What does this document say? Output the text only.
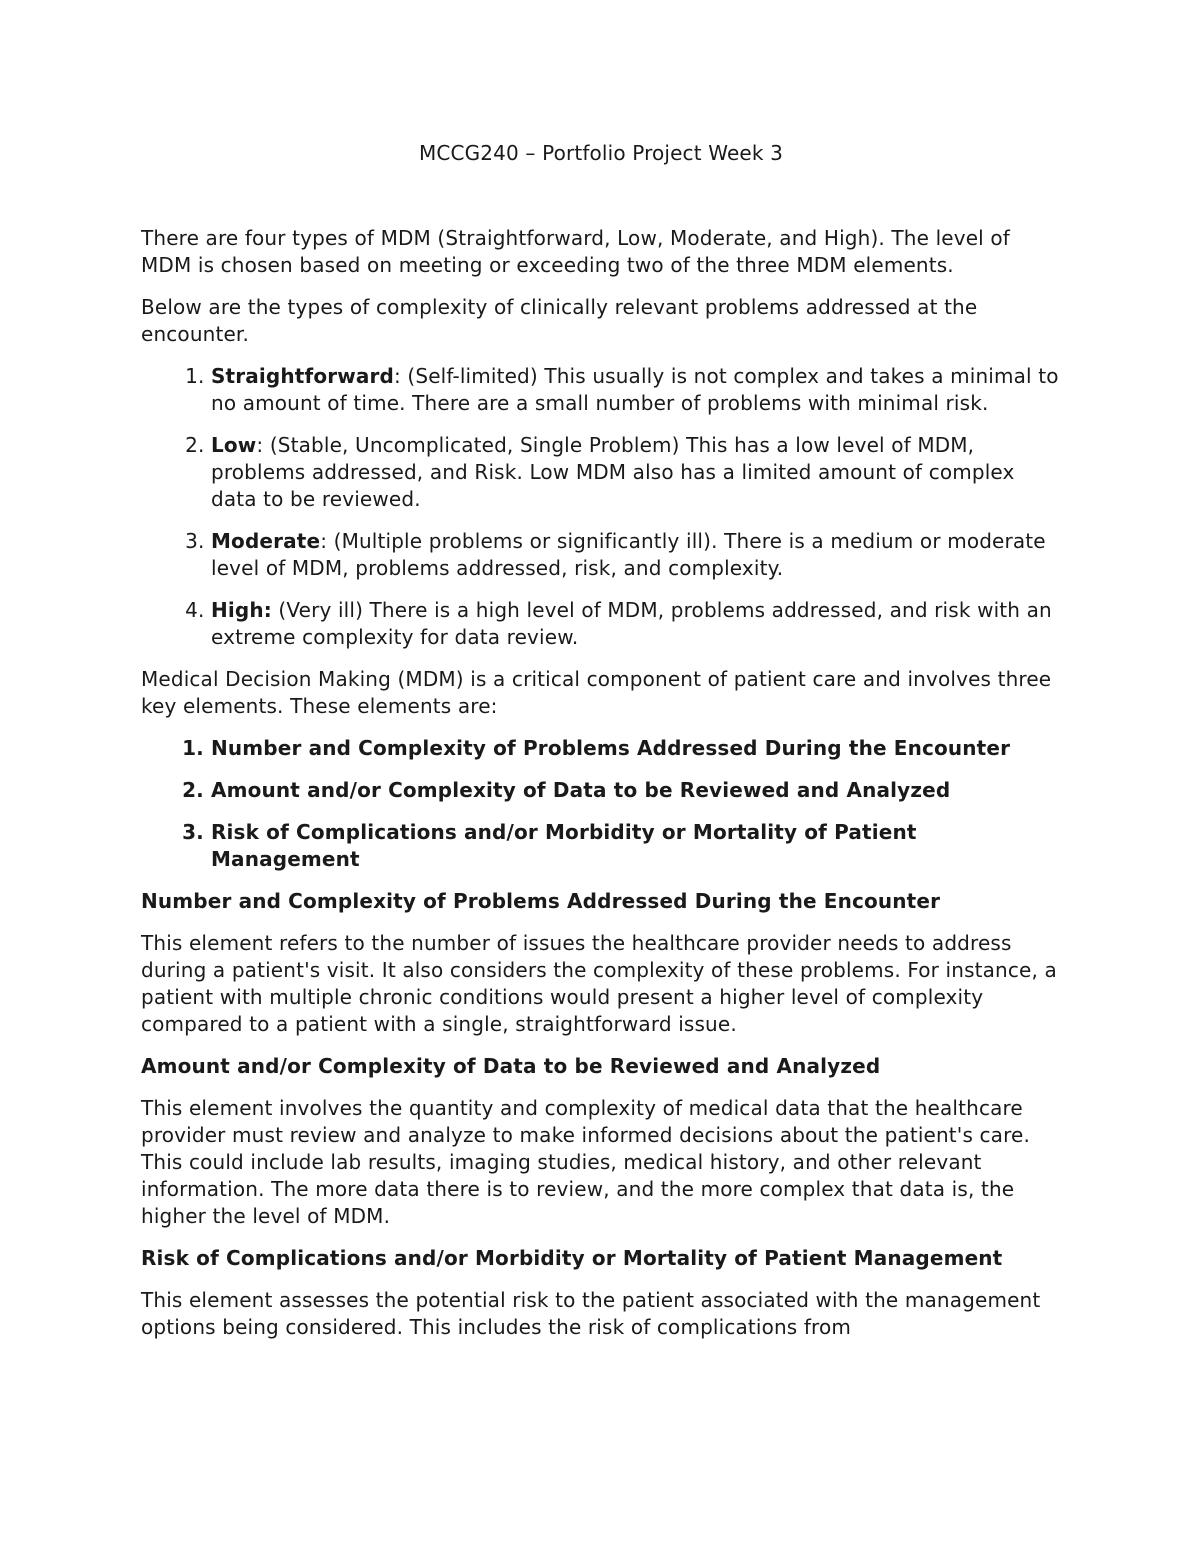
MCCG240 – Portfolio Project Week 3

There are four types of MDM (Straightforward, Low, Moderate, and High). The level of MDM is chosen based on meeting or exceeding two of the three MDM elements.

Below are the types of complexity of clinically relevant problems addressed at the encounter.

1. Straightforward: (Self-limited) This usually is not complex and takes a minimal to no amount of time. There are a small number of problems with minimal risk.
2. Low: (Stable, Uncomplicated, Single Problem) This has a low level of MDM, problems addressed, and Risk. Low MDM also has a limited amount of complex data to be reviewed.
3. Moderate: (Multiple problems or significantly ill). There is a medium or moderate level of MDM, problems addressed, risk, and complexity.
4. High: (Very ill) There is a high level of MDM, problems addressed, and risk with an extreme complexity for data review.

Medical Decision Making (MDM) is a critical component of patient care and involves three key elements. These elements are:

1. Number and Complexity of Problems Addressed During the Encounter
2. Amount and/or Complexity of Data to be Reviewed and Analyzed
3. Risk of Complications and/or Morbidity or Mortality of Patient Management
Number and Complexity of Problems Addressed During the Encounter

This element refers to the number of issues the healthcare provider needs to address during a patient's visit. It also considers the complexity of these problems. For instance, a patient with multiple chronic conditions would present a higher level of complexity compared to a patient with a single, straightforward issue.

Amount and/or Complexity of Data to be Reviewed and Analyzed

This element involves the quantity and complexity of medical data that the healthcare provider must review and analyze to make informed decisions about the patient's care. This could include lab results, imaging studies, medical history, and other relevant information. The more data there is to review, and the more complex that data is, the higher the level of MDM.

Risk of Complications and/or Morbidity or Mortality of Patient Management

This element assesses the potential risk to the patient associated with the management options being considered. This includes the risk of complications from
